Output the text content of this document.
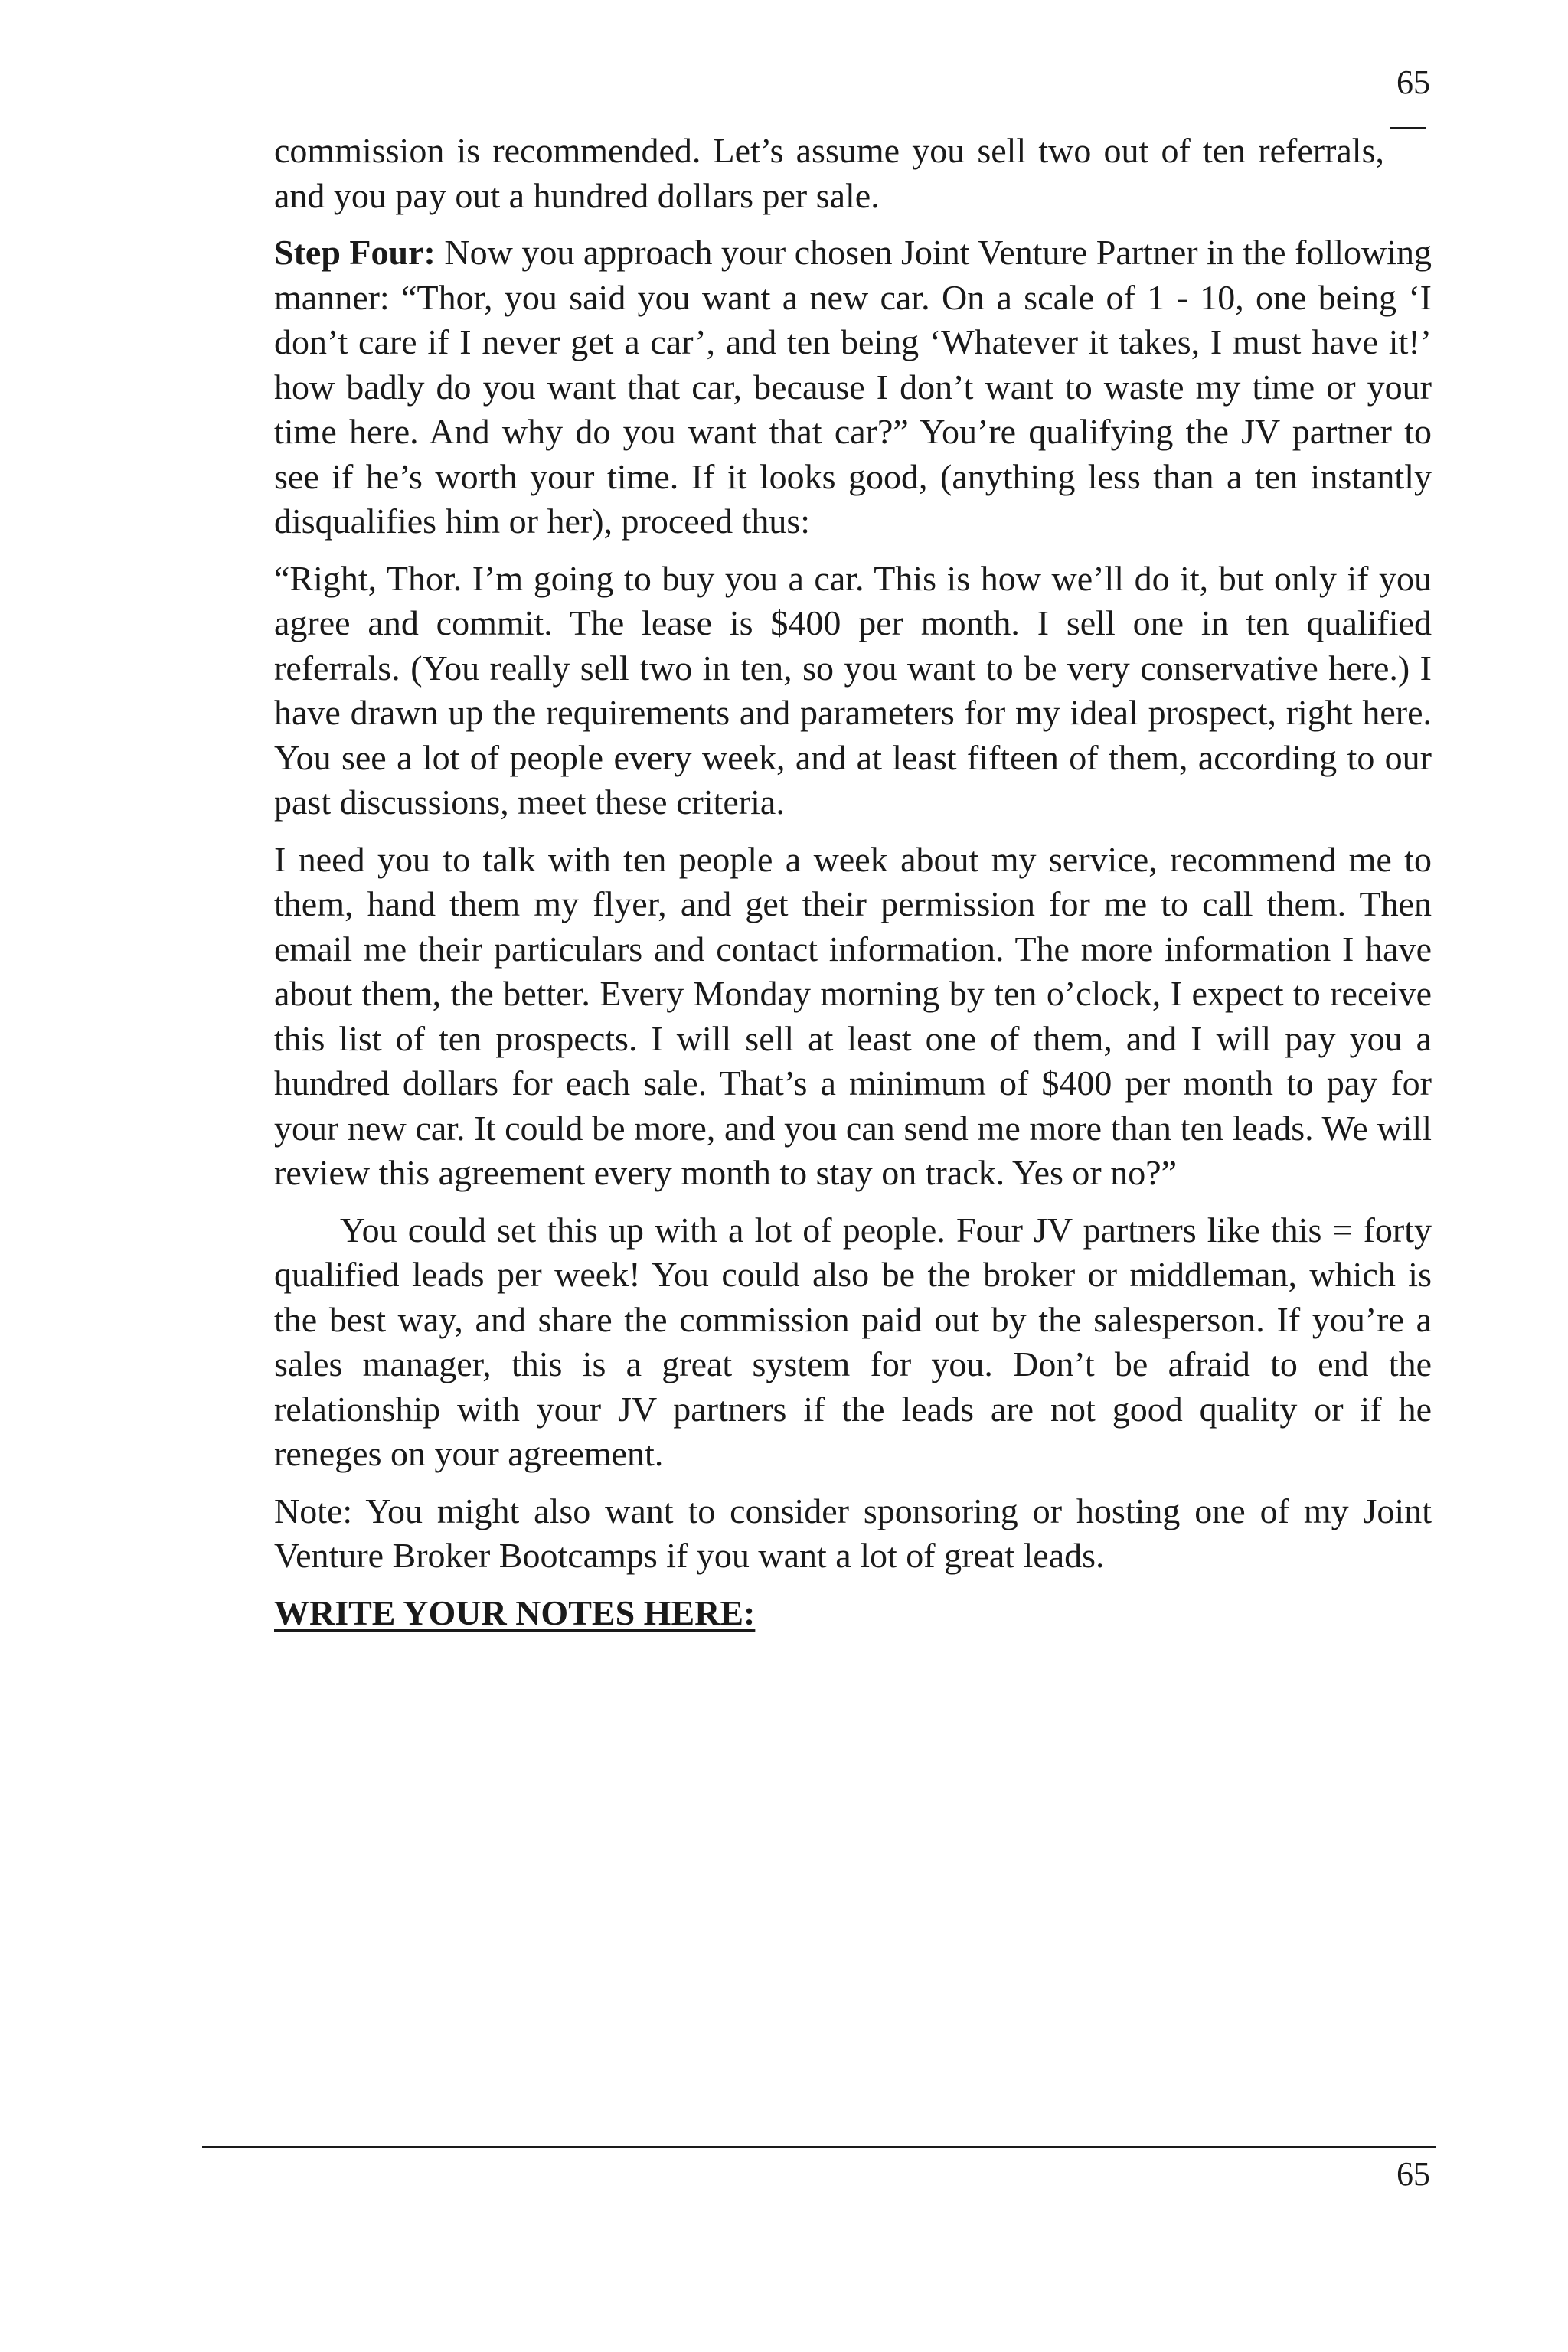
65

commission is recommended. Let’s assume you sell two out of ten referrals, and you pay out a hundred dollars per sale.

Step Four: Now you approach your chosen Joint Venture Partner in the following manner: “Thor, you said you want a new car. On a scale of 1 - 10, one being ‘I don’t care if I never get a car’, and ten being ‘Whatever it takes, I must have it!’ how badly do you want that car, because I don’t want to waste my time or your time here. And why do you want that car?” You’re qualifying the JV partner to see if he’s worth your time. If it looks good, (anything less than a ten instantly disqualifies him or her), proceed thus:

“Right, Thor. I’m going to buy you a car. This is how we’ll do it, but only if you agree and commit. The lease is $400 per month. I sell one in ten qualified referrals. (You really sell two in ten, so you want to be very conservative here.) I have drawn up the requirements and parameters for my ideal prospect, right here. You see a lot of people every week, and at least fifteen of them, according to our past discussions, meet these criteria.

I need you to talk with ten people a week about my service, recommend me to them, hand them my flyer, and get their permission for me to call them. Then email me their particulars and contact information. The more information I have about them, the better. Every Monday morning by ten o’clock, I expect to receive this list of ten prospects. I will sell at least one of them, and I will pay you a hundred dollars for each sale. That’s a minimum of $400 per month to pay for your new car. It could be more, and you can send me more than ten leads. We will review this agreement every month to stay on track. Yes or no?”

You could set this up with a lot of people. Four JV partners like this = forty qualified leads per week! You could also be the broker or middleman, which is the best way, and share the commission paid out by the salesperson. If you’re a sales manager, this is a great system for you. Don’t be afraid to end the relationship with your JV partners if the leads are not good quality or if he reneges on your agreement.

Note: You might also want to consider sponsoring or hosting one of my Joint Venture Broker Bootcamps if you want a lot of great leads.

WRITE YOUR NOTES HERE:

65
